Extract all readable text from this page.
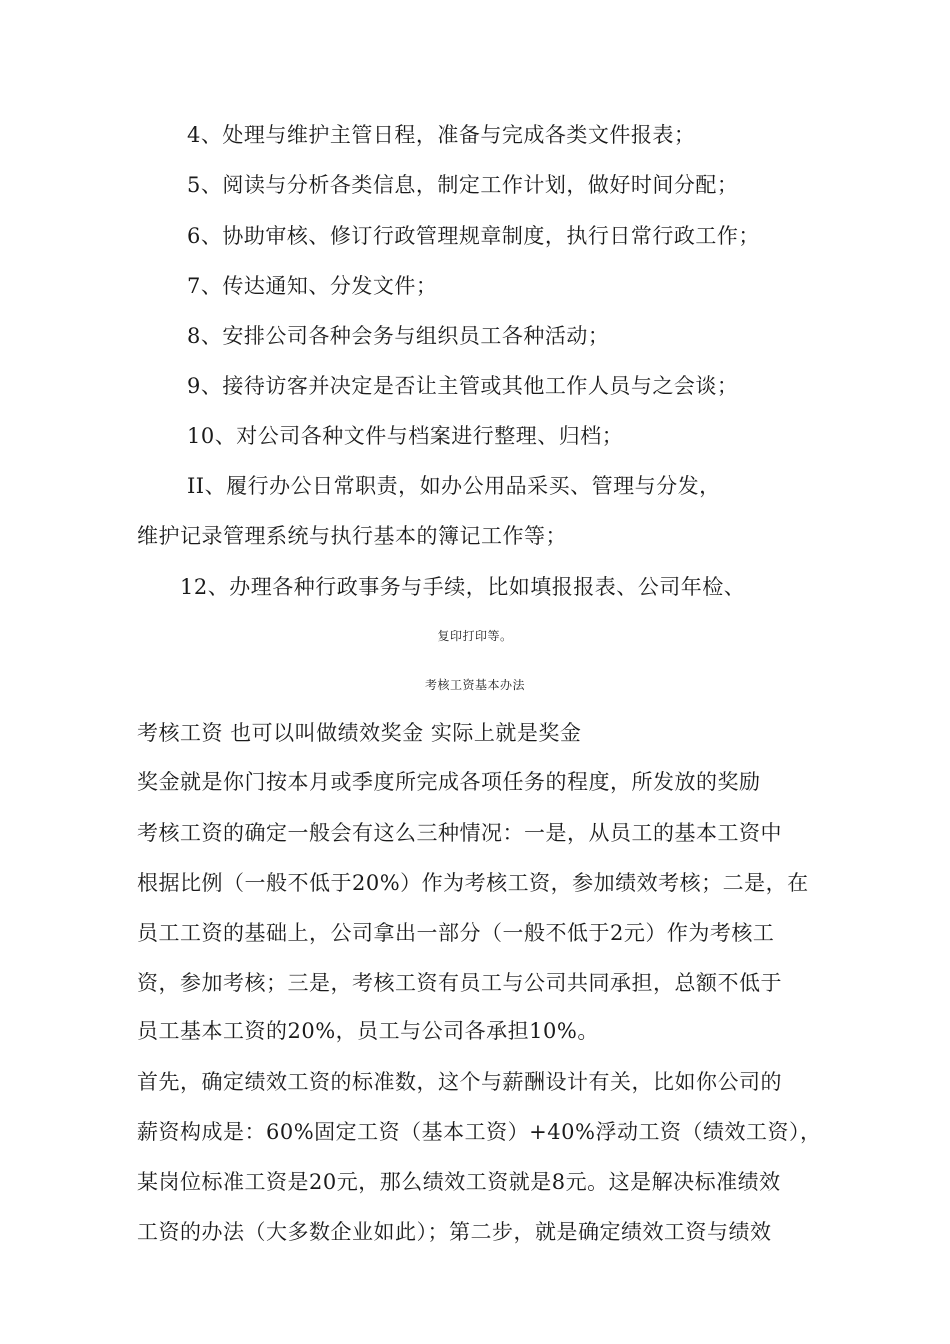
4、处理与维护主管日程，准备与完成各类文件报表；
5、阅读与分析各类信息，制定工作计划，做好时间分配；
6、协助审核、修订行政管理规章制度，执行日常行政工作；
7、传达通知、分发文件；
8、安排公司各种会务与组织员工各种活动；
9、接待访客并决定是否让主管或其他工作人员与之会谈；
10、对公司各种文件与档案进行整理、归档；
II、履行办公日常职责，如办公用品采买、管理与分发，
维护记录管理系统与执行基本的簿记工作等；
12、办理各种行政事务与手续，比如填报报表、公司年检、
复印打印等。
考核工资基本办法
考核工资 也可以叫做绩效奖金 实际上就是奖金
奖金就是你门按本月或季度所完成各项任务的程度，所发放的奖励
考核工资的确定一般会有这么三种情况：一是，从员工的基本工资中
根据比例（一般不低于20%）作为考核工资，参加绩效考核；二是，在
员工工资的基础上，公司拿出一部分（一般不低于2元）作为考核工
资，参加考核；三是，考核工资有员工与公司共同承担，总额不低于
员工基本工资的20%，员工与公司各承担10%。
首先，确定绩效工资的标准数，这个与薪酬设计有关，比如你公司的
薪资构成是：60%固定工资（基本工资）+40%浮动工资（绩效工资），
某岗位标准工资是20元，那么绩效工资就是8元。这是解决标准绩效
工资的办法（大多数企业如此）；第二步，就是确定绩效工资与绩效
